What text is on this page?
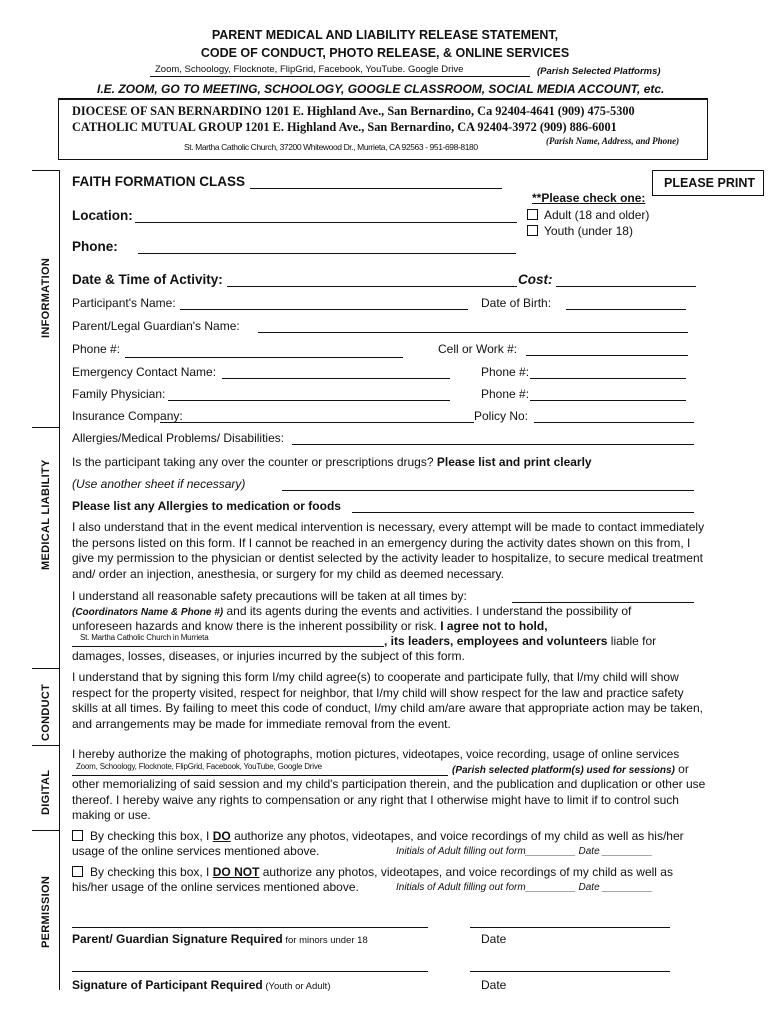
PARENT MEDICAL AND LIABILITY RELEASE STATEMENT,
CODE OF CONDUCT, PHOTO RELEASE, & ONLINE SERVICES
Zoom, Schoology, Flocknote, FlipGrid, Facebook, YouTube. Google Drive	(Parish Selected Platforms)
I.E. ZOOM, GO TO MEETING, SCHOOLOGY, GOOGLE CLASSROOM, SOCIAL MEDIA ACCOUNT, etc.
DIOCESE OF SAN BERNARDINO 1201 E. Highland Ave., San Bernardino, Ca 92404-4641 (909) 475-5300
CATHOLIC MUTUAL GROUP 1201 E. Highland Ave., San Bernardino, CA 92404-3972 (909) 886-6001
(Parish Name, Address, and Phone)
St. Martha Catholic Church, 37200 Whitewood Dr., Murrieta, CA 92563 - 951-698-8180
INFORMATION
MEDICAL LIABILITY
CONDUCT
DIGITAL
PERMISSION
FAITH FORMATION CLASS	PLEASE PRINT
**Please check one:
Location:	Adult (18 and older)
Youth (under 18)
Phone:
Date & Time of Activity:	Cost:
Participant's Name:	Date of Birth:
Parent/Legal Guardian's Name:
Phone #:	Cell or Work #:
Emergency Contact Name:	Phone #:
Family Physician:	Phone #:
Insurance Company:	Policy No:
Allergies/Medical Problems/ Disabilities:
Is the participant taking any over the counter or prescriptions drugs? Please list and print clearly
(Use another sheet if necessary)
Please list any Allergies to medication or foods
I also understand that in the event medical intervention is necessary, every attempt will be made to contact immediately the persons listed on this form. If I cannot be reached in an emergency during the activity dates shown on this from, I give my permission to the physician or dentist selected by the activity leader to hospitalize, to secure medical treatment and/ order an injection, anesthesia, or surgery for my child as deemed necessary.
I understand all reasonable safety precautions will be taken at all times by:
(Coordinators Name & Phone #) and its agents during the events and activities. I understand the possibility of
unforeseen hazards and know there is the inherent possibility or risk. I agree not to hold,
St. Martha Catholic Church in Murrieta	, its leaders, employees and volunteers liable for
damages, losses, diseases, or injuries incurred by the subject of this form.
I understand that by signing this form I/my child agree(s) to cooperate and participate fully, that I/my child will show respect for the property visited, respect for neighbor, that I/my child will show respect for the law and practice safety skills at all times. By failing to meet this code of conduct, I/my child am/are aware that appropriate action may be taken, and arrangements may be made for immediate removal from the event.
I hereby authorize the making of photographs, motion pictures, videotapes, voice recording, usage of online services
Zoom, Schoology, Flocknote, FlipGrid, Facebook, YouTube, Google Drive	(Parish selected platform(s) used for sessions) or
other memorializing of said session and my child's participation therein, and the publication and duplication or other use thereof. I hereby waive any rights to compensation or any right that I otherwise might have to limit if to control such making or use.
By checking this box, I DO authorize any photos, videotapes, and voice recordings of my child as well as his/her
usage of the online services mentioned above.	Initials of Adult filling out form_________ Date _________
By checking this box, I DO NOT authorize any photos, videotapes, and voice recordings of my child as well as
his/her usage of the online services mentioned above.	Initials of Adult filling out form_________ Date _________
Parent/ Guardian Signature Required for minors under 18	Date
Signature of Participant Required (Youth or Adult)	Date
